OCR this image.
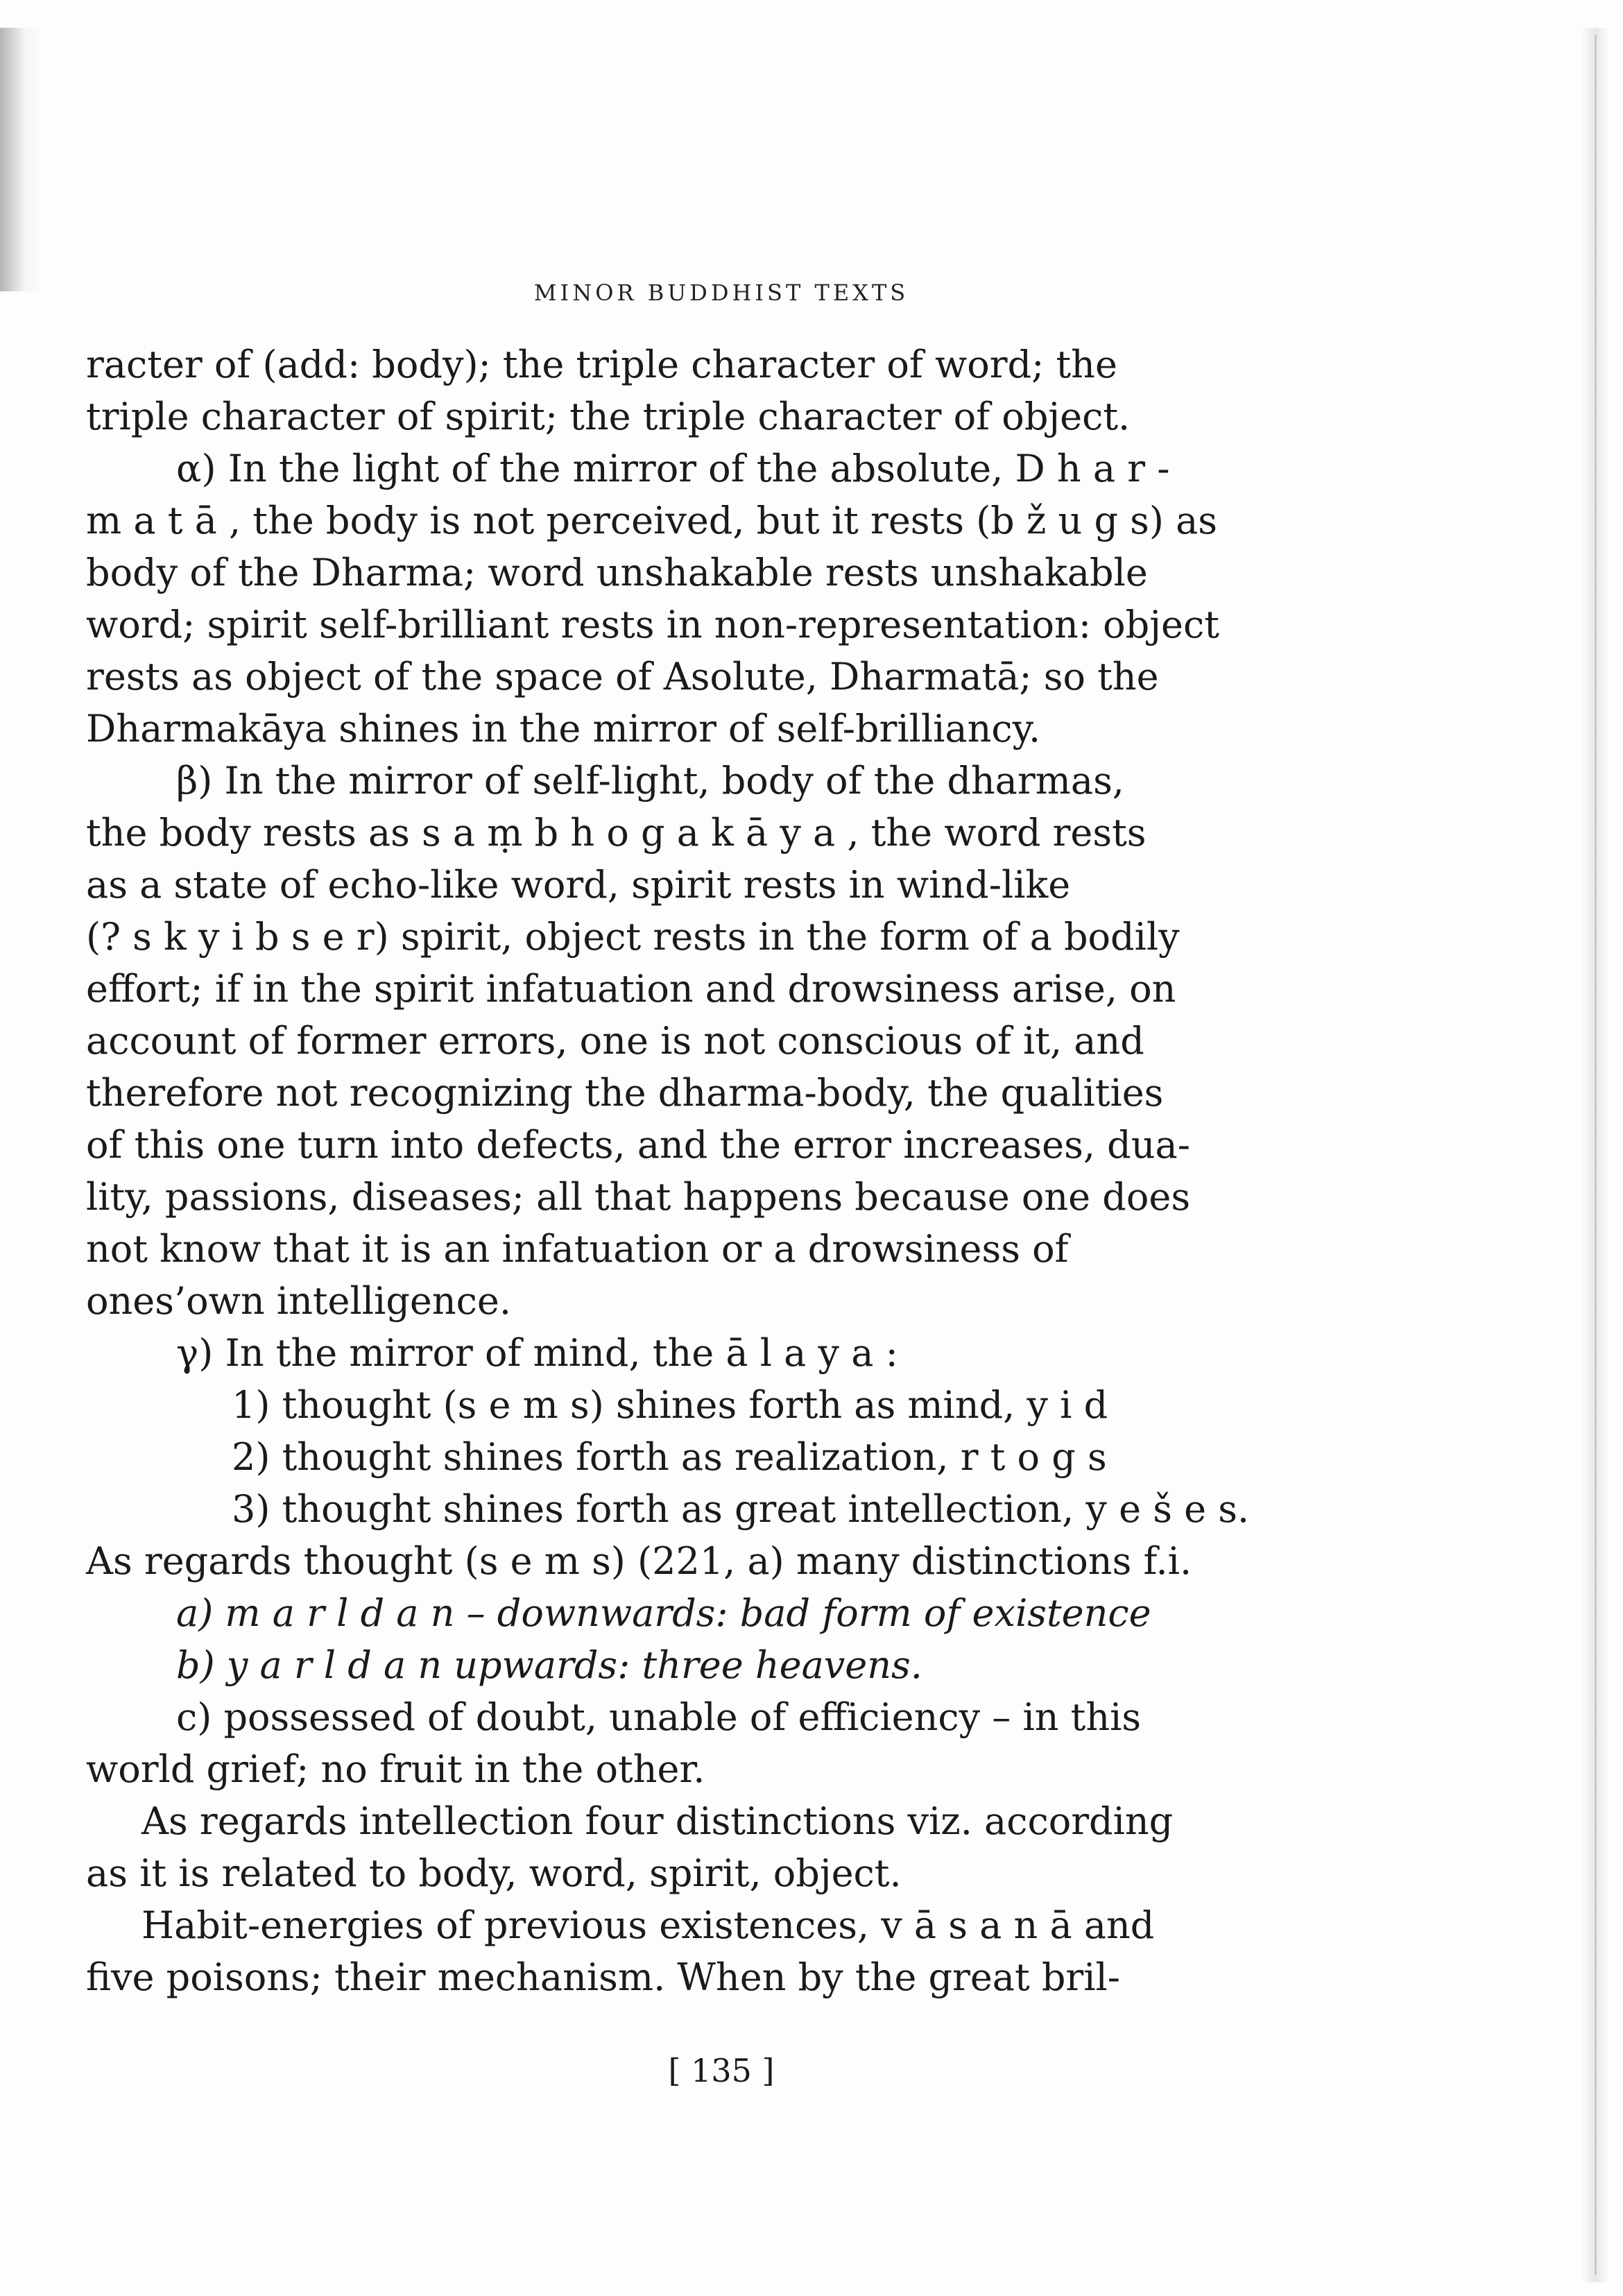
MINOR BUDDHIST TEXTS
racter of (add: body); the triple character of word; the
triple character of spirit; the triple character of object.
α) In the light of the mirror of the absolute, D h a r -
m a t ā , the body is not perceived, but it rests (b ž u g s) as
body of the Dharma; word unshakable rests unshakable
word; spirit self-brilliant rests in non-representation: object
rests as object of the space of Asolute, Dharmatā; so the
Dharmakāya shines in the mirror of self-brilliancy.
β) In the mirror of self-light, body of the dharmas,
the body rests as s a ṃ b h o g a k ā y a , the word rests
as a state of echo-like word, spirit rests in wind-like
(? s k y i b s e r) spirit, object rests in the form of a bodily
effort; if in the spirit infatuation and drowsiness arise, on
account of former errors, one is not conscious of it, and
therefore not recognizing the dharma-body, the qualities
of this one turn into defects, and the error increases, dua-
lity, passions, diseases; all that happens because one does
not know that it is an infatuation or a drowsiness of
ones’own intelligence.
γ) In the mirror of mind, the ā l a y a :
1) thought (s e m s) shines forth as mind, y i d
2) thought shines forth as realization, r t o g s
3) thought shines forth as great intellection, y e š e s.
As regards thought (s e m s) (221, a) many distinctions f.i.
a) m a r l d a n – downwards: bad form of existence
b) y a r l d a n upwards: three heavens.
c) possessed of doubt, unable of efficiency – in this
world grief; no fruit in the other.
As regards intellection four distinctions viz. according
as it is related to body, word, spirit, object.
Habit-energies of previous existences, v ā s a n ā and
five poisons; their mechanism. When by the great bril-
[ 135 ]
